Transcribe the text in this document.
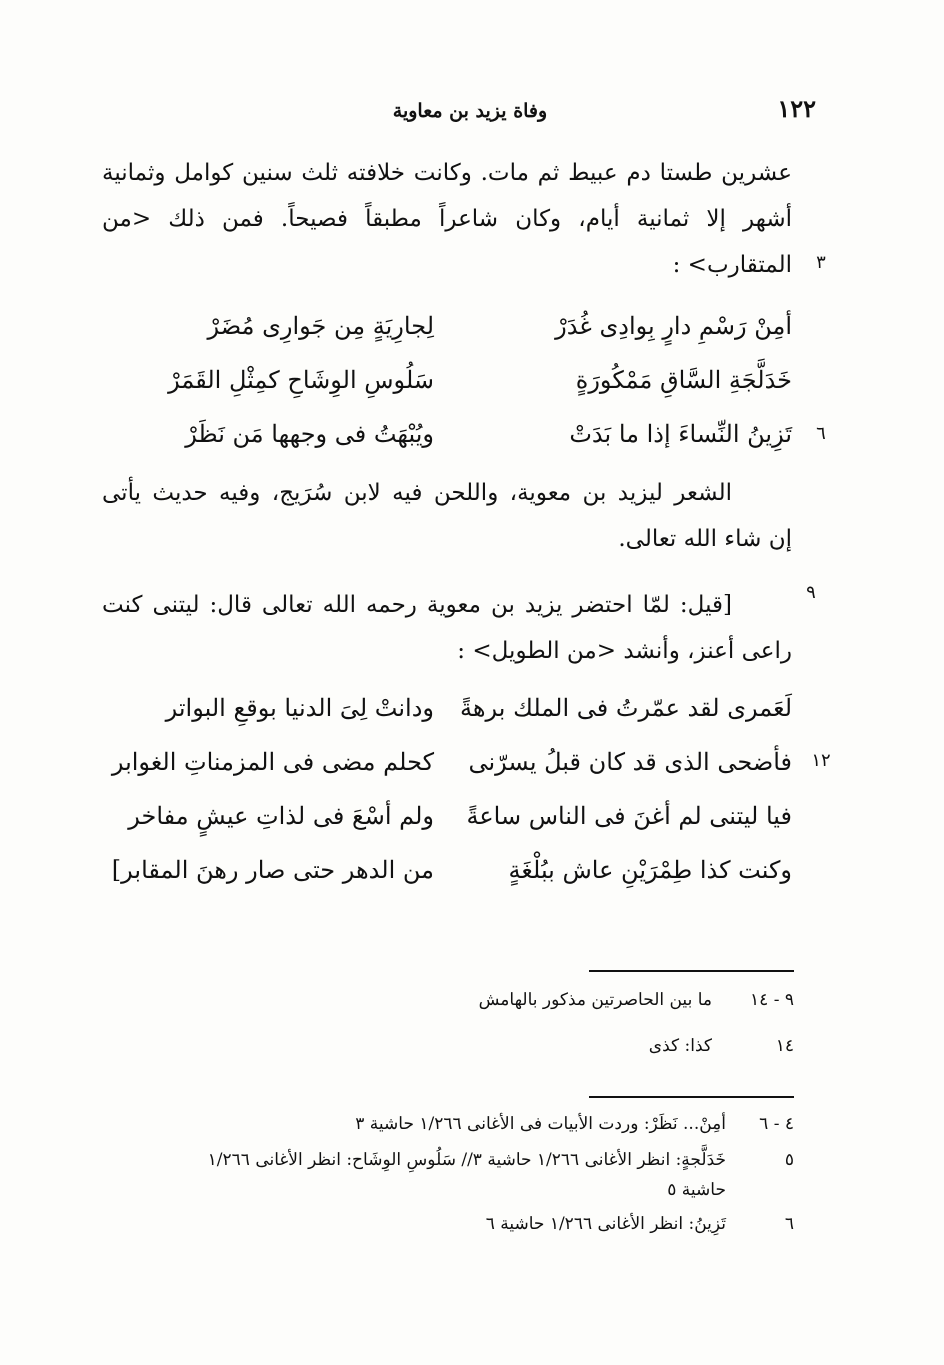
١٢٢
وفاة يزيد بن معاوية
عشرين طستا دم عبيط ثم مات. وكانت خلافته ثلث سنين كوامل وثمانية
أشهر إلا ثمانية أيام، وكان شاعراً مطبقاً فصيحاً. فمن ذلك <من
المتقارب> :	٣
أمِنْ رَسْمِ دارٍ بِوادِى غُدَرْ
لِجارِيَةٍ مِن جَوارِى مُضَرْ
خَدَلَّجَةِ السَّاقِ مَمْكُورَةٍ
سَلُوسِ الوِشَاحِ كمِثْلِ القَمَرْ
تَزِينُ النِّساءَ إذا ما بَدَتْ
ويُبْهَتُ فى وجهها مَن نَظَرْ	٦
الشعر ليزيد بن معوية، واللحن فيه لابن سُرَيج، وفيه حديث يأتى
إن شاء الله تعالى.
٩
[قيل: لمّا احتضر يزيد بن معوية رحمه الله تعالى قال: ليتنى كنت
راعى أعنز، وأنشد <من الطويل> :
لَعَمرى لقد عمّرتُ فى الملك برهةً
ودانتْ لِىَ الدنيا بوقعِ البواتر
١٢
فأضحى الذى قد كان قبلُ يسرّنى
كحلم مضى فى المزمناتِ الغوابر
فيا ليتنى لم أغنَ فى الناس ساعةً
ولم أسْعَ فى لذاتِ عيشٍ مفاخر
وكنت كذا طِمْرَيْنِ عاش ببُلْغَةٍ
من الدهر حتى صار رهنَ المقابر]
٩ - ١٤
ما بين الحاصرتين مذكور بالهامش
١٤
كذا: كذى
٤ - ٦
أمِنْ... نَظَرْ: وردت الأبيات فى الأغانى ١/٢٦٦ حاشية ٣
٥
خَدَلَّجةٍ: انظر الأغانى ١/٢٦٦ حاشية ٣// سَلُوسِ الوِشَاح: انظر الأغانى ١/٢٦٦
حاشية ٥
٦
تَزِينُ: انظر الأغانى ١/٢٦٦ حاشية ٦
